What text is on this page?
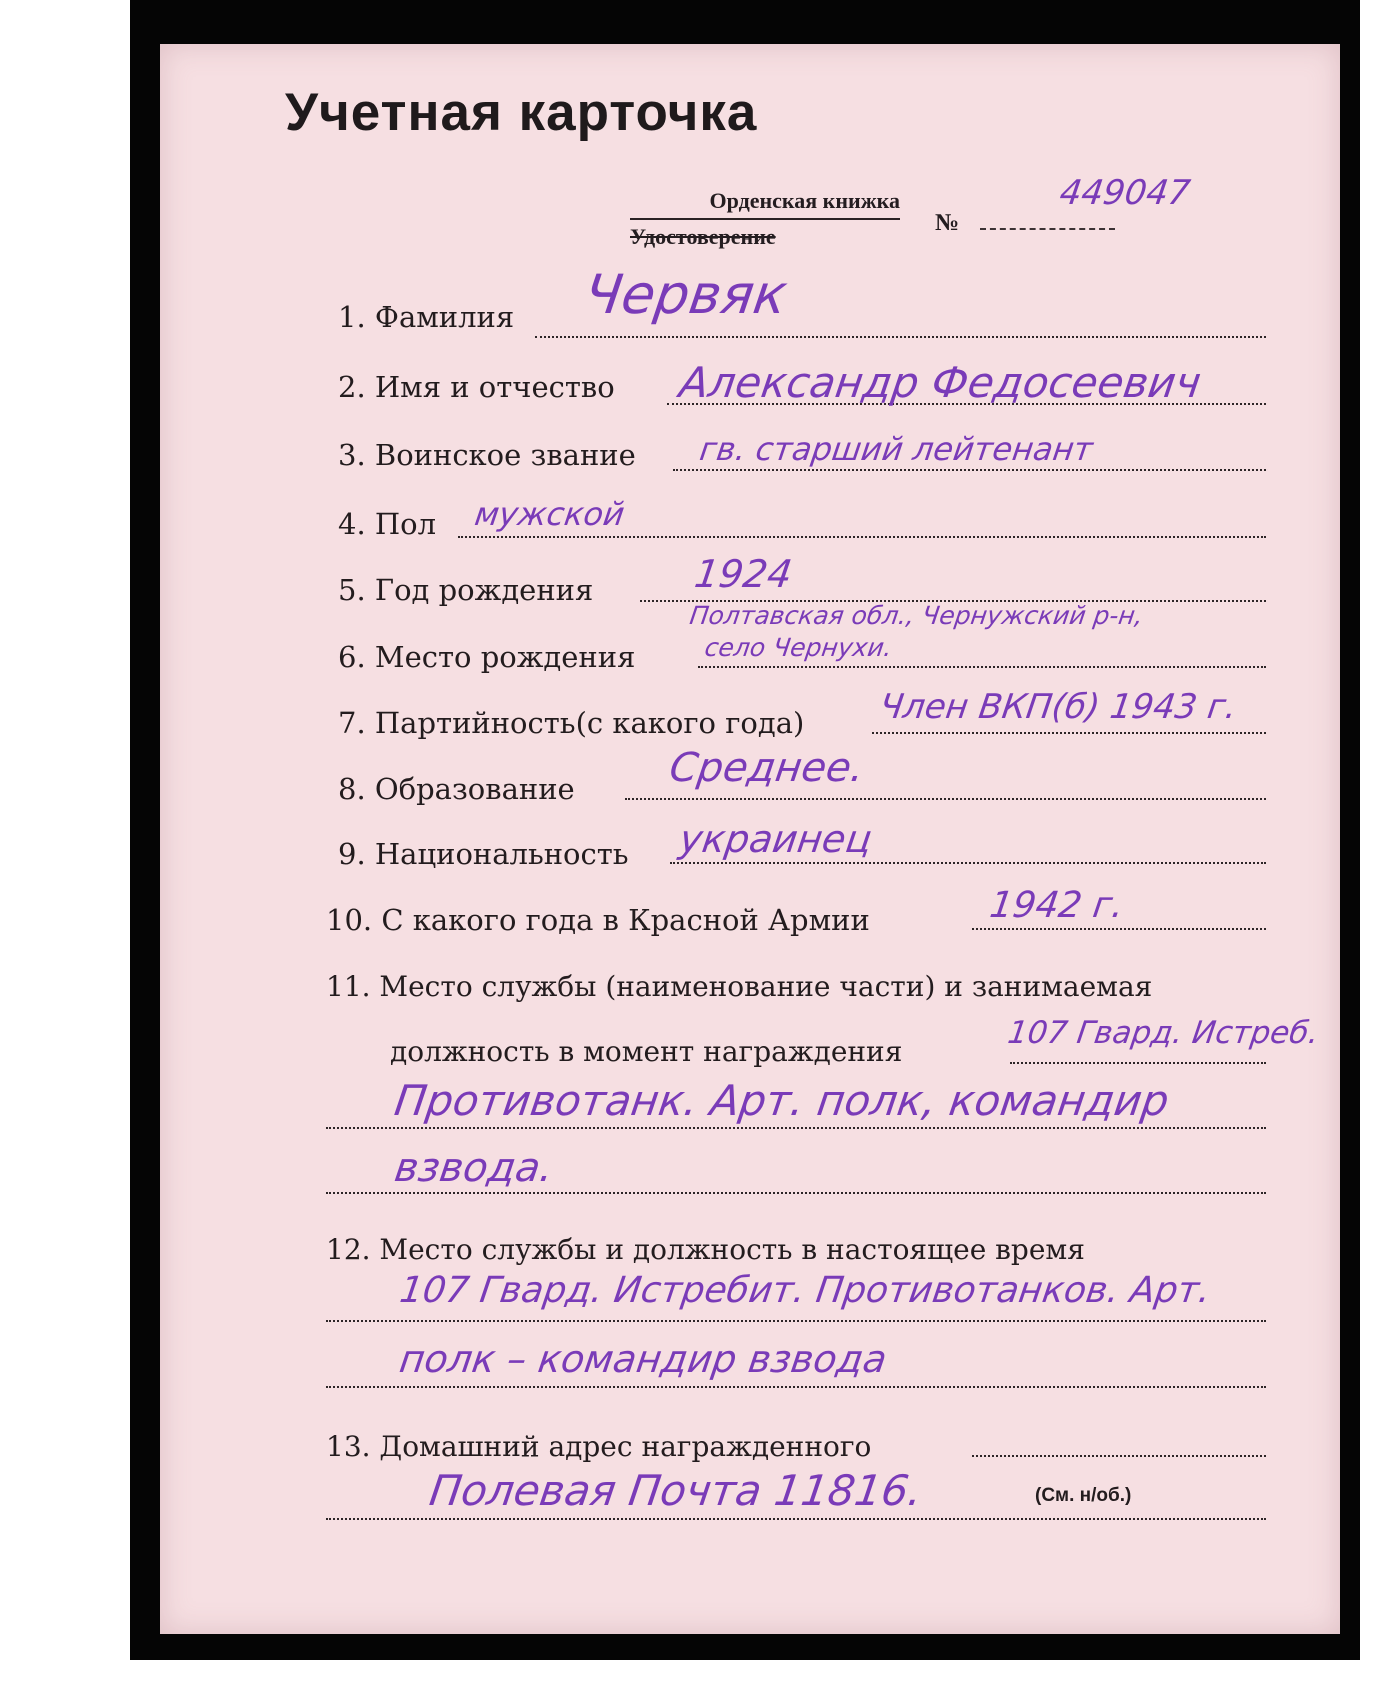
Учетная карточка
Орденская книжка
Удостоверение
№
449047
1. Фамилия Червяк
2. Имя и отчество Александр Федосеевич
3. Воинское звание гв. старший лейтенант
4. Пол мужской
5. Год рождения	1924
6. Место рождения
Полтавская обл., Чернужский р-н,
село Чернухи.
7. Партийность(с какого года) Член ВКП(б) 1943 г.
8. Образование Среднее.
9. Национальность украинец
10. С какого года в Красной Армии	1942 г.
11. Место службы (наименование части) и занимаемая
должность в момент награждения
107 Гвард. Истреб.
Противотанк. Арт. полк, командир
взвода.
12. Место службы и должность в настоящее время
107 Гвард. Истребит. Противотанков. Арт.
полк – командир взвода
13. Домашний адрес награжденного
Полевая Почта 11816.	(См. н/об.)
